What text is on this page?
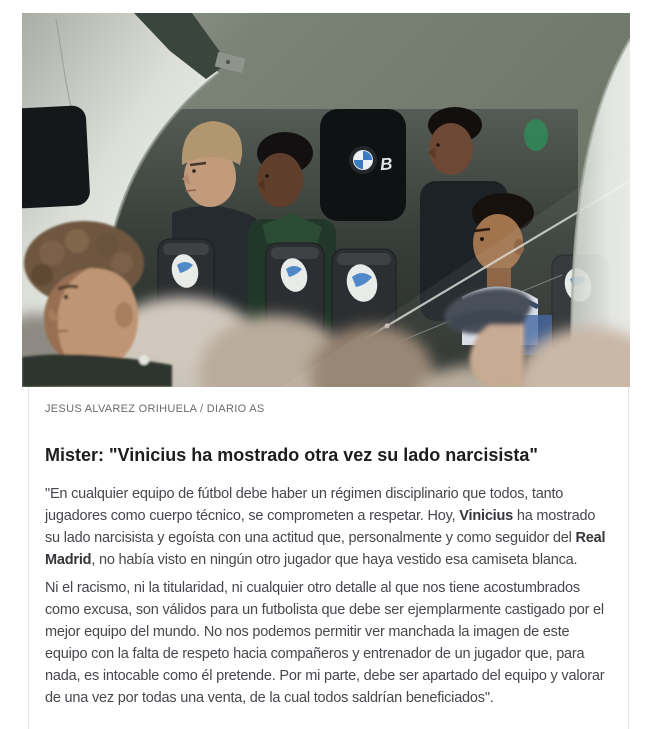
B

JESUS ALVAREZ ORIHUELA / DIARIO AS

Mister: "Vinicius ha mostrado otra vez su lado narcisista"

"En cualquier equipo de fútbol debe haber un régimen disciplinario que todos, tanto jugadores como cuerpo técnico, se comprometen a respetar. Hoy, Vinicius ha mostrado su lado narcisista y egoísta con una actitud que, personalmente y como seguidor del Real Madrid, no había visto en ningún otro jugador que haya vestido esa camiseta blanca.

Ni el racismo, ni la titularidad, ni cualquier otro detalle al que nos tiene acostumbrados como excusa, son válidos para un futbolista que debe ser ejemplarmente castigado por el mejor equipo del mundo. No nos podemos permitir ver manchada la imagen de este equipo con la falta de respeto hacia compañeros y entrenador de un jugador que, para nada, es intocable como él pretende. Por mi parte, debe ser apartado del equipo y valorar de una vez por todas una venta, de la cual todos saldrían beneficiados".
